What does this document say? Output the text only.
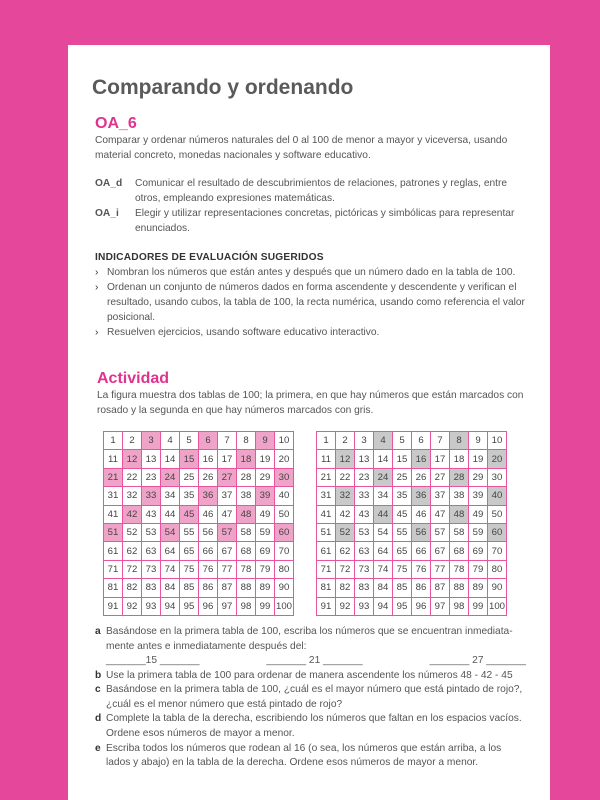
Comparando y ordenando
OA_6
Comparar y ordenar números naturales del 0 al 100 de menor a mayor y viceversa, usando material concreto, monedas nacionales y software educativo.
OA_d	Comunicar el resultado de descubrimientos de relaciones, patrones y reglas, entre otros, empleando expresiones matemáticas.
OA_i	Elegir y utilizar representaciones concretas, pictóricas y simbólicas para representar enunciados.
INDICADORES DE EVALUACIÓN SUGERIDOS
› Nombran los números que están antes y después que un número dado en la tabla de 100.
› Ordenan un conjunto de números dados en forma ascendente y descendente y verifican el resultado, usando cubos, la tabla de 100, la recta numérica, usando como referencia el valor posicional.
› Resuelven ejercicios, usando software educativo interactivo.
Actividad
La figura muestra dos tablas de 100; la primera, en que hay números que están marcados con rosado y la segunda en que hay números marcados con gris.
1	2	3	4	5	6	7	8	9	10
11	12	13	14	15	16	17	18	19	20
21	22	23	24	25	26	27	28	29	30
31	32	33	34	35	36	37	38	39	40
41	42	43	44	45	46	47	48	49	50
51	52	53	54	55	56	57	58	59	60
61	62	63	64	65	66	67	68	69	70
71	72	73	74	75	76	77	78	79	80
81	82	83	84	85	86	87	88	89	90
91	92	93	94	95	96	97	98	99	100
1	2	3	4	5	6	7	8	9	10
11	12	13	14	15	16	17	18	19	20
21	22	23	24	25	26	27	28	29	30
31	32	33	34	35	36	37	38	39	40
41	42	43	44	45	46	47	48	49	50
51	52	53	54	55	56	57	58	59	60
61	62	63	64	65	66	67	68	69	70
71	72	73	74	75	76	77	78	79	80
81	82	83	84	85	86	87	88	89	90
91	92	93	94	95	96	97	98	99	100
a Basándose en la primera tabla de 100, escriba los números que se encuentran inmediata-mente antes e inmediatamente después del:
_______15 _______	_______ 21 _______	_______ 27 _______
b Use la primera tabla de 100 para ordenar de manera ascendente los números 48 - 42 - 45
c Basándose en la primera tabla de 100, ¿cuál es el mayor número que está pintado de rojo?, ¿cuál es el menor número que está pintado de rojo?
d Complete la tabla de la derecha, escribiendo los números que faltan en los espacios vacíos. Ordene esos números de mayor a menor.
e Escriba todos los números que rodean al 16 (o sea, los números que están arriba, a los lados y abajo) en la tabla de la derecha. Ordene esos números de mayor a menor.
